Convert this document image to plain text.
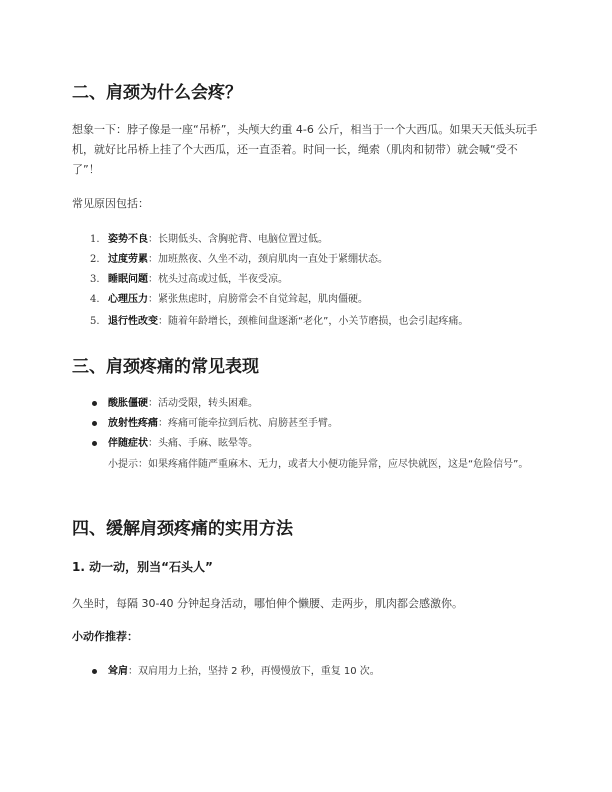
二、肩颈为什么会疼？

想象一下：脖子像是一座“吊桥”，头颅大约重 4-6 公斤，相当于一个大西瓜。如果天天低头玩手机，就好比吊桥上挂了个大西瓜，还一直歪着。时间一长，绳索（肌肉和韧带）就会喊“受不了”！

常见原因包括：

1. 姿势不良：长期低头、含胸驼背、电脑位置过低。
2. 过度劳累：加班熬夜、久坐不动，颈肩肌肉一直处于紧绷状态。
3. 睡眠问题：枕头过高或过低，半夜受凉。
4. 心理压力：紧张焦虑时，肩膀常会不自觉耸起，肌肉僵硬。
5. 退行性改变：随着年龄增长，颈椎间盘逐渐“老化”，小关节磨损，也会引起疼痛。
三、肩颈疼痛的常见表现
酸胀僵硬：活动受限，转头困难。
放射性疼痛：疼痛可能牵拉到后枕、肩膀甚至手臂。
伴随症状：头痛、手麻、眩晕等。

小提示：如果疼痛伴随严重麻木、无力，或者大小便功能异常，应尽快就医，这是“危险信号”。

四、缓解肩颈疼痛的实用方法
1. 动一动，别当“石头人”

久坐时，每隔 30-40 分钟起身活动，哪怕伸个懒腰、走两步，肌肉都会感激你。

小动作推荐：

耸肩：双肩用力上抬，坚持 2 秒，再慢慢放下，重复 10 次。
